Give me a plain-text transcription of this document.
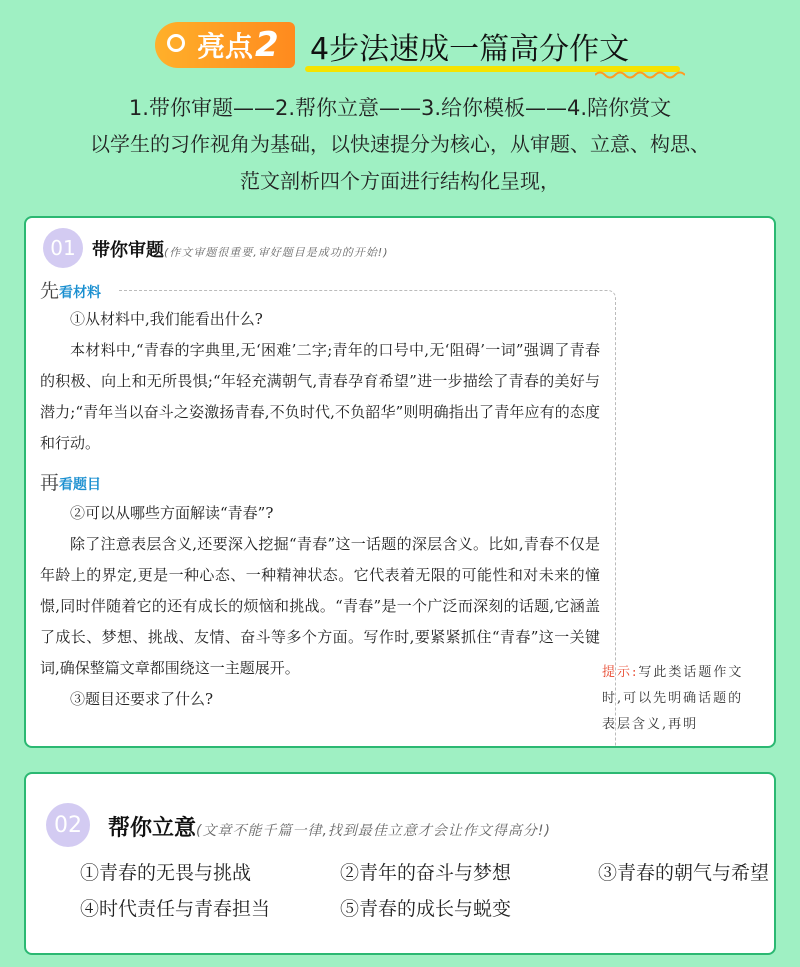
亮点 2 4步法速成一篇高分作文
1.带你审题——2.帮你立意——3.给你模板——4.陪你赏文
以学生的习作视角为基础，以快速提分为核心，从审题、立意、构思、
范文剖析四个方面进行结构化呈现，
01 带你审题(作文审题很重要,审好题目是成功的开始!)
先看材料

①从材料中,我们能看出什么?

本材料中,“青春的字典里,无‘困难’二字;青年的口号中,无‘阻碍’一词”强调了青春的积极、向上和无所畏惧;“年轻充满朝气,青春孕育希望”进一步描绘了青春的美好与潜力;“青年当以奋斗之姿激扬青春,不负时代,不负韶华”则明确指出了青年应有的态度和行动。

再看题目

②可以从哪些方面解读“青春”?

除了注意表层含义,还要深入挖掘“青春”这一话题的深层含义。比如,青春不仅是年龄上的界定,更是一种心态、一种精神状态。它代表着无限的可能性和对未来的憧憬,同时伴随着它的还有成长的烦恼和挑战。“青春”是一个广泛而深刻的话题,它涵盖了成长、梦想、挑战、友情、奋斗等多个方面。写作时,要紧紧抓住“青春”这一关键词,确保整篇文章都围绕这一主题展开。

③题目还要求了什么?

提示:写此类话题作文时,可以先明确话题的表层含义,再明
02	帮你立意(文章不能千篇一律,找到最佳立意才会让作文得高分!)
①青春的无畏与挑战	②青年的奋斗与梦想	③青春的朝气与希望
④时代责任与青春担当	⑤青春的成长与蜕变
